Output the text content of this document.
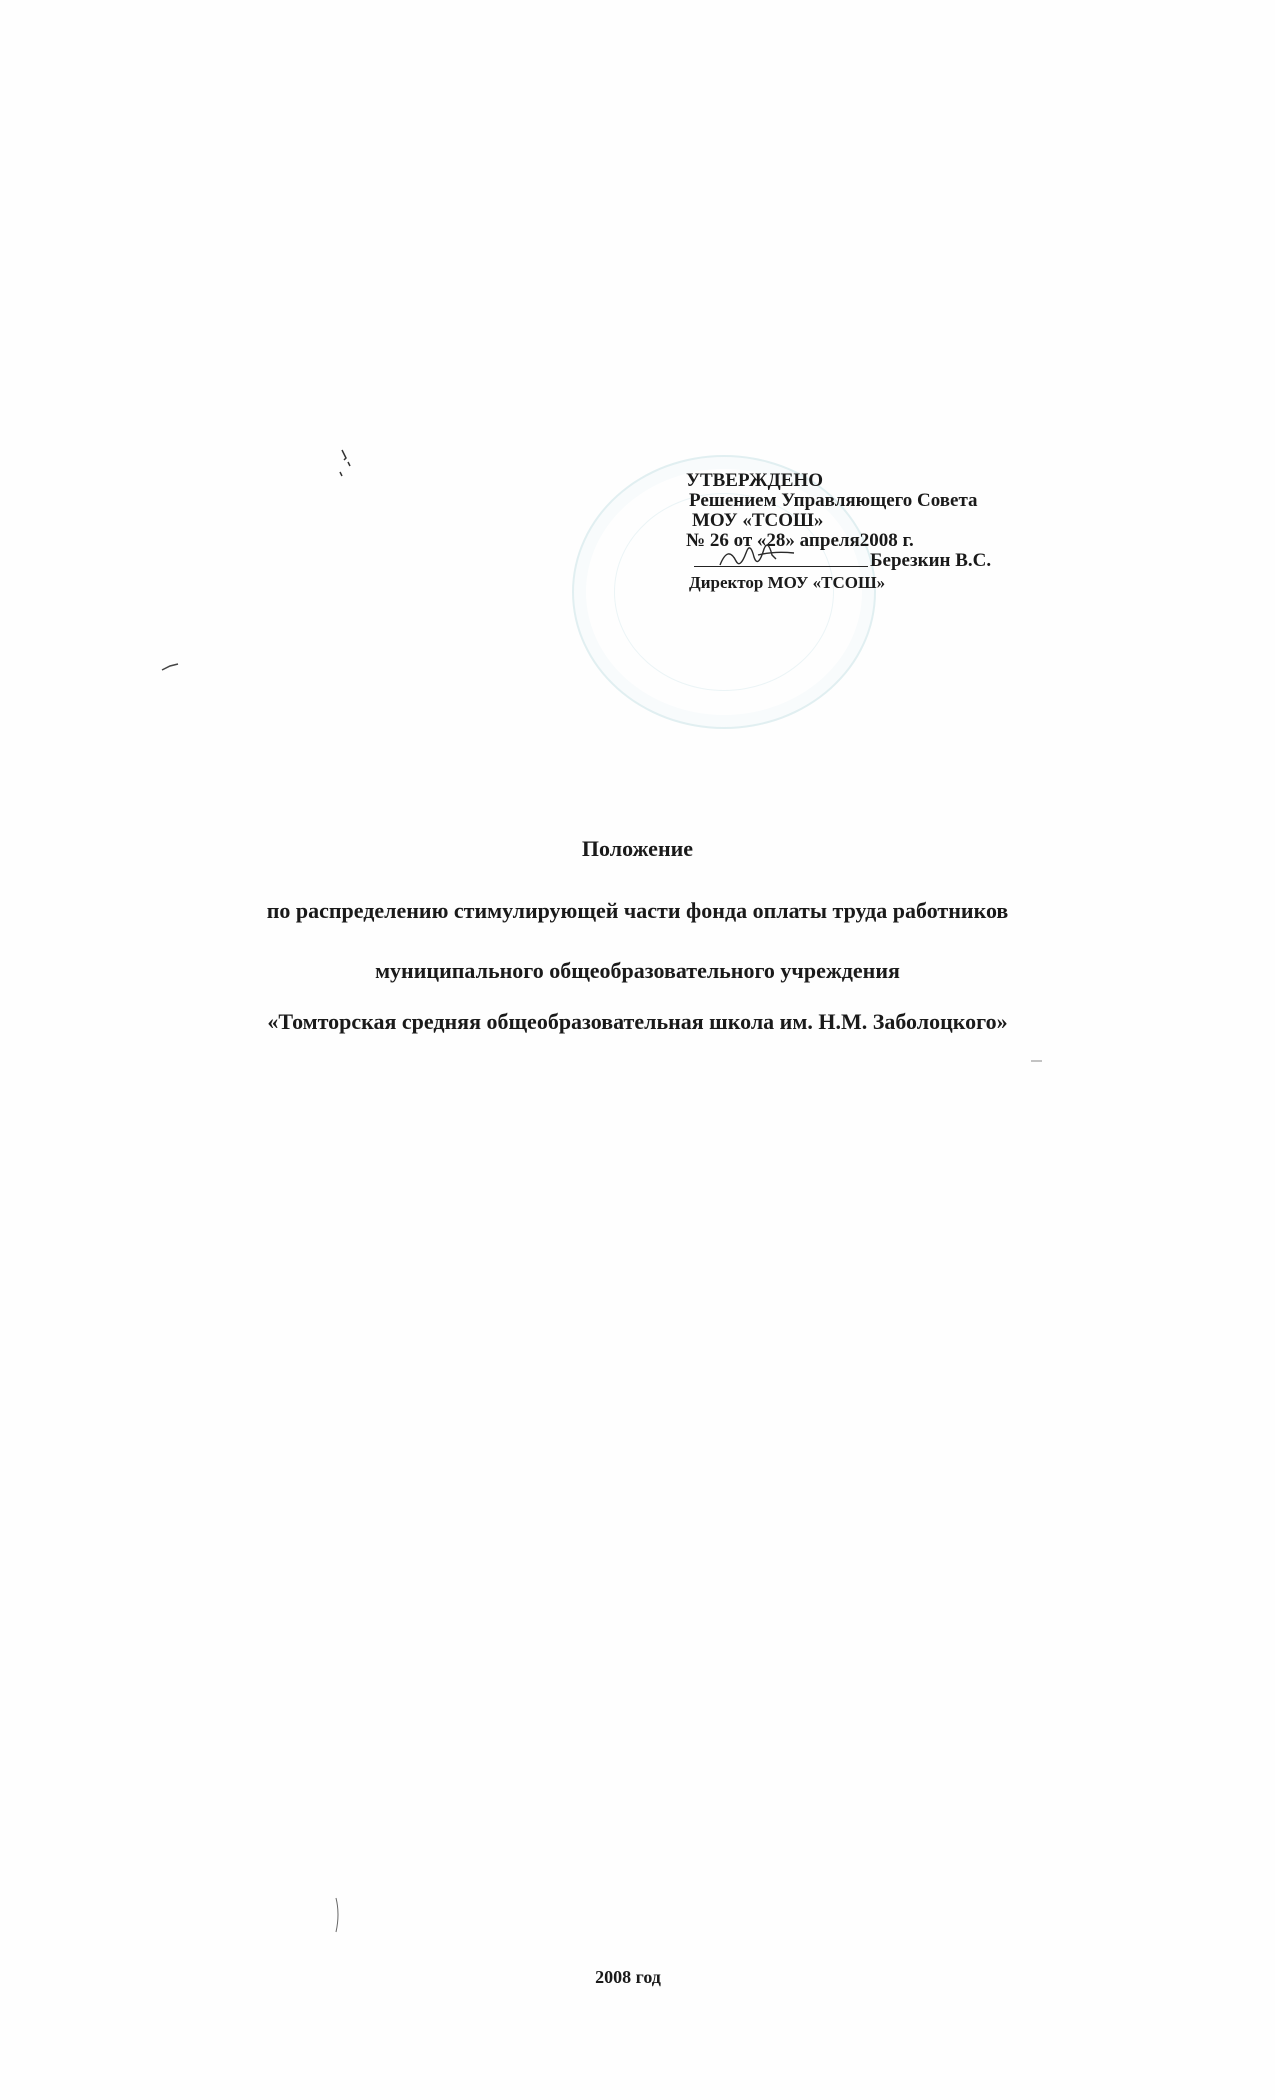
УТВЕРЖДЕНО
Решением Управляющего Совета
МОУ «ТСОШ»
№ 26 от «28» апреля2008 г.
Березкин В.С.
Директор МОУ «ТСОШ»
Положение
по распределению стимулирующей части фонда оплаты труда работников
муниципального общеобразовательного учреждения
«Томторская средняя общеобразовательная школа им. Н.М. Заболоцкого»
2008 год
